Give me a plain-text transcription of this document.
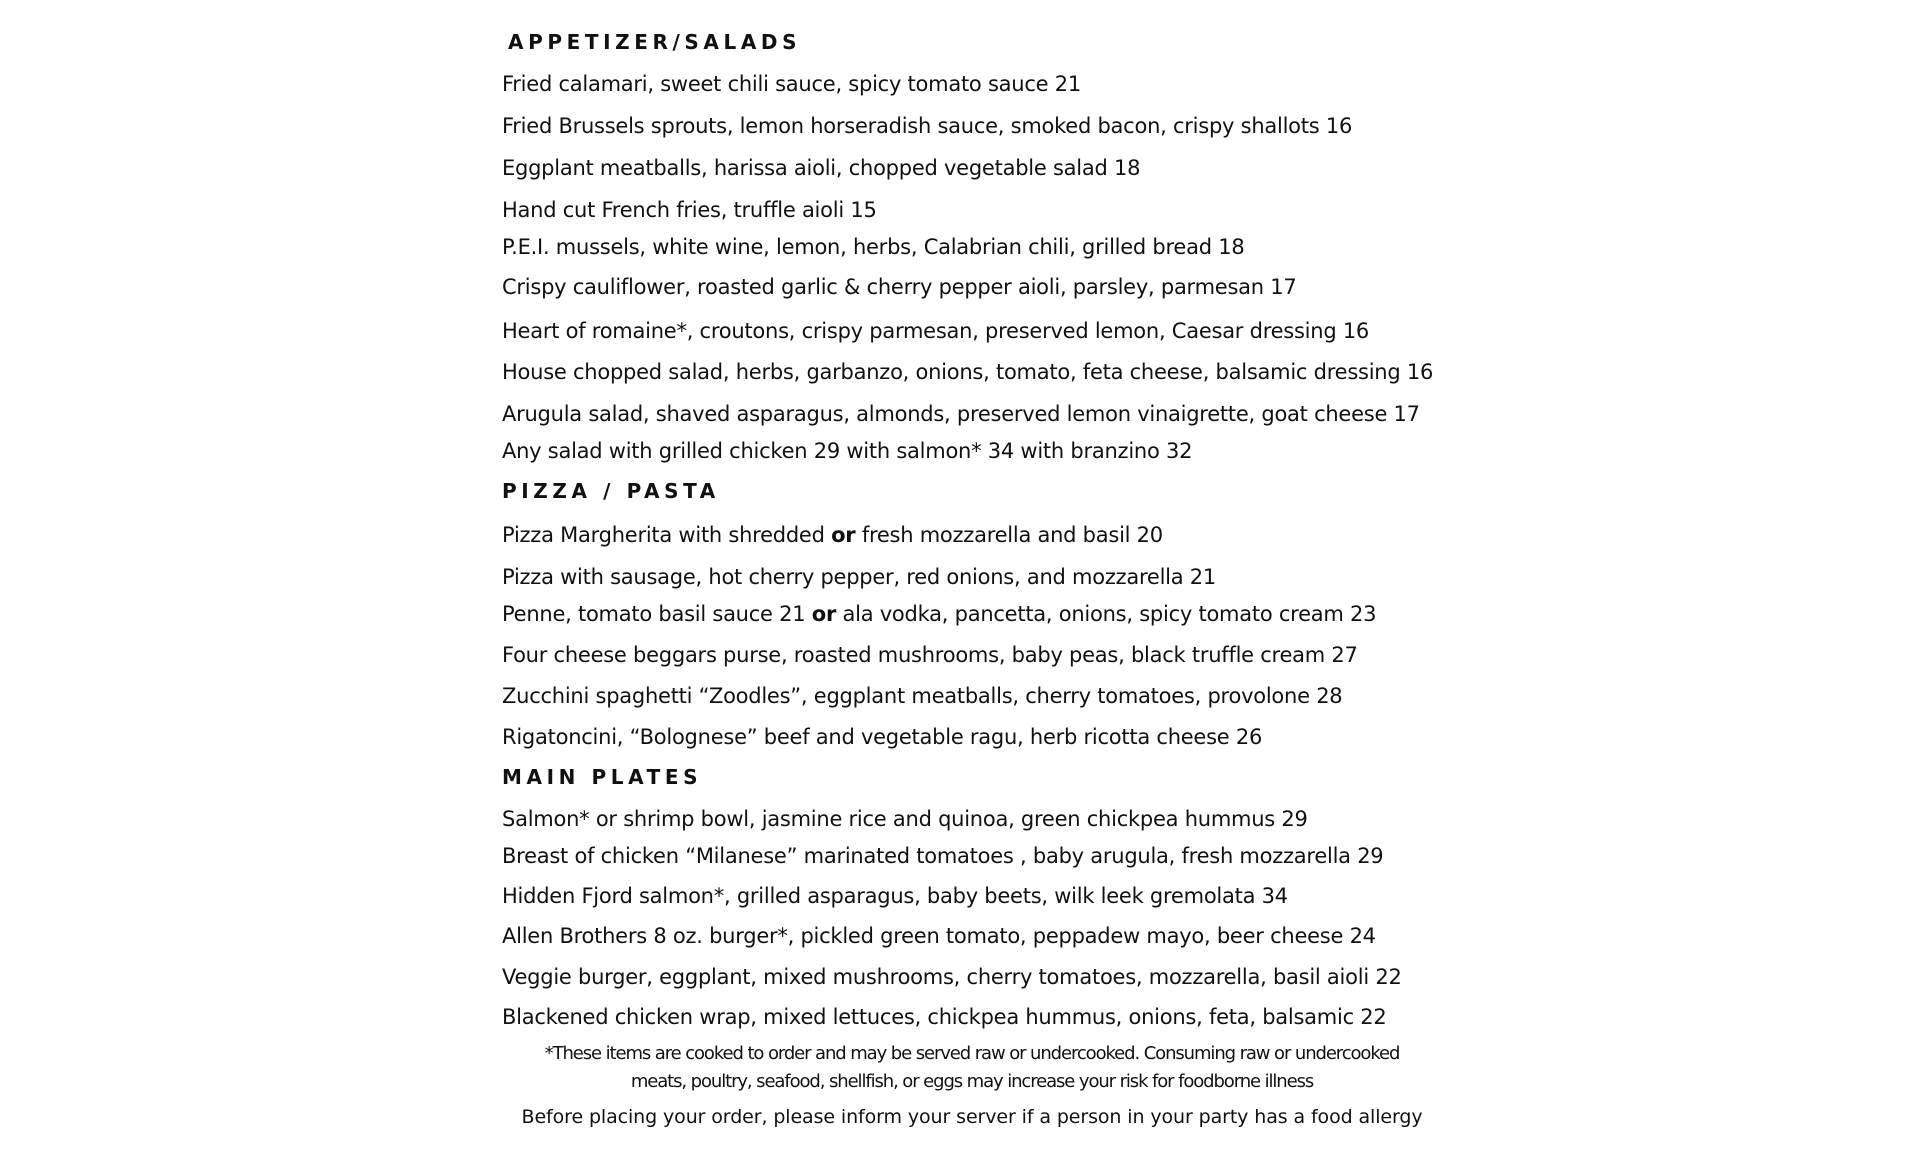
APPETIZER/SALADS
Fried calamari, sweet chili sauce, spicy tomato sauce 21
Fried Brussels sprouts, lemon horseradish sauce, smoked bacon, crispy shallots 16
Eggplant meatballs, harissa aioli, chopped vegetable salad 18
Hand cut French fries, truffle aioli 15
P.E.I. mussels, white wine, lemon, herbs, Calabrian chili, grilled bread 18
Crispy cauliflower, roasted garlic & cherry pepper aioli, parsley, parmesan 17
Heart of romaine*, croutons, crispy parmesan, preserved lemon, Caesar dressing 16
House chopped salad, herbs, garbanzo, onions, tomato, feta cheese, balsamic dressing 16
Arugula salad, shaved asparagus, almonds, preserved lemon vinaigrette, goat cheese 17
Any salad with grilled chicken 29 with salmon* 34 with branzino 32
PIZZA / PASTA
Pizza Margherita with shredded or fresh mozzarella and basil 20
Pizza with sausage, hot cherry pepper, red onions, and mozzarella 21
Penne, tomato basil sauce 21 or ala vodka, pancetta, onions, spicy tomato cream 23
Four cheese beggars purse, roasted mushrooms, baby peas, black truffle cream 27
Zucchini spaghetti “Zoodles”, eggplant meatballs, cherry tomatoes, provolone 28
Rigatoncini, “Bolognese” beef and vegetable ragu, herb ricotta cheese 26
MAIN PLATES
Salmon* or shrimp bowl, jasmine rice and quinoa, green chickpea hummus 29
Breast of chicken “Milanese” marinated tomatoes , baby arugula, fresh mozzarella 29
Hidden Fjord salmon*, grilled asparagus, baby beets, wilk leek gremolata 34
Allen Brothers 8 oz. burger*, pickled green tomato, peppadew mayo, beer cheese 24
Veggie burger, eggplant, mixed mushrooms, cherry tomatoes, mozzarella, basil aioli 22
Blackened chicken wrap, mixed lettuces, chickpea hummus, onions, feta, balsamic 22
*These items are cooked to order and may be served raw or undercooked. Consuming raw or undercooked
meats, poultry, seafood, shellfish, or eggs may increase your risk for foodborne illness
Before placing your order, please inform your server if a person in your party has a food allergy
